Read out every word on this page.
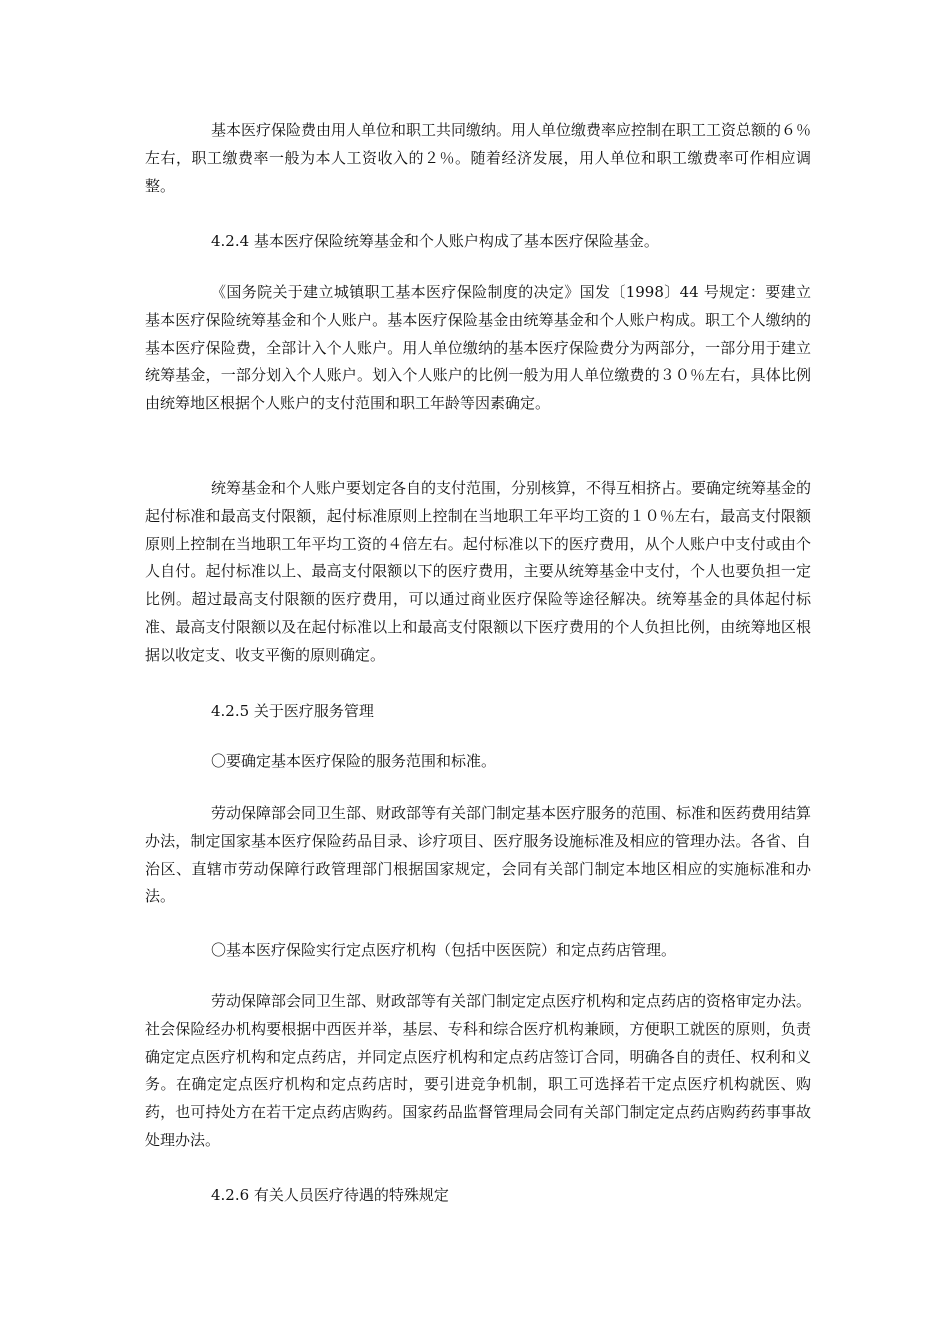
基本医疗保险费由用人单位和职工共同缴纳。用人单位缴费率应控制在职工工资总额的６％左右，职工缴费率一般为本人工资收入的２％。随着经济发展，用人单位和职工缴费率可作相应调整。

4.2.4 基本医疗保险统筹基金和个人账户构成了基本医疗保险基金。

《国务院关于建立城镇职工基本医疗保险制度的决定》国发〔1998〕44 号规定：要建立基本医疗保险统筹基金和个人账户。基本医疗保险基金由统筹基金和个人账户构成。职工个人缴纳的基本医疗保险费，全部计入个人账户。用人单位缴纳的基本医疗保险费分为两部分，一部分用于建立统筹基金，一部分划入个人账户。划入个人账户的比例一般为用人单位缴费的３０％左右，具体比例由统筹地区根据个人账户的支付范围和职工年龄等因素确定。

统筹基金和个人账户要划定各自的支付范围，分别核算，不得互相挤占。要确定统筹基金的起付标准和最高支付限额，起付标准原则上控制在当地职工年平均工资的１０％左右，最高支付限额原则上控制在当地职工年平均工资的４倍左右。起付标准以下的医疗费用，从个人账户中支付或由个人自付。起付标准以上、最高支付限额以下的医疗费用，主要从统筹基金中支付，个人也要负担一定比例。超过最高支付限额的医疗费用，可以通过商业医疗保险等途径解决。统筹基金的具体起付标准、最高支付限额以及在起付标准以上和最高支付限额以下医疗费用的个人负担比例，由统筹地区根据以收定支、收支平衡的原则确定。

4.2.5 关于医疗服务管理
〇要确定基本医疗保险的服务范围和标准。

劳动保障部会同卫生部、财政部等有关部门制定基本医疗服务的范围、标准和医药费用结算办法，制定国家基本医疗保险药品目录、诊疗项目、医疗服务设施标准及相应的管理办法。各省、自治区、直辖市劳动保障行政管理部门根据国家规定，会同有关部门制定本地区相应的实施标准和办法。

〇基本医疗保险实行定点医疗机构（包括中医医院）和定点药店管理。

劳动保障部会同卫生部、财政部等有关部门制定定点医疗机构和定点药店的资格审定办法。社会保险经办机构要根据中西医并举，基层、专科和综合医疗机构兼顾，方便职工就医的原则，负责确定定点医疗机构和定点药店，并同定点医疗机构和定点药店签订合同，明确各自的责任、权利和义务。在确定定点医疗机构和定点药店时，要引进竞争机制，职工可选择若干定点医疗机构就医、购药，也可持处方在若干定点药店购药。国家药品监督管理局会同有关部门制定定点药店购药药事事故处理办法。

4.2.6 有关人员医疗待遇的特殊规定
